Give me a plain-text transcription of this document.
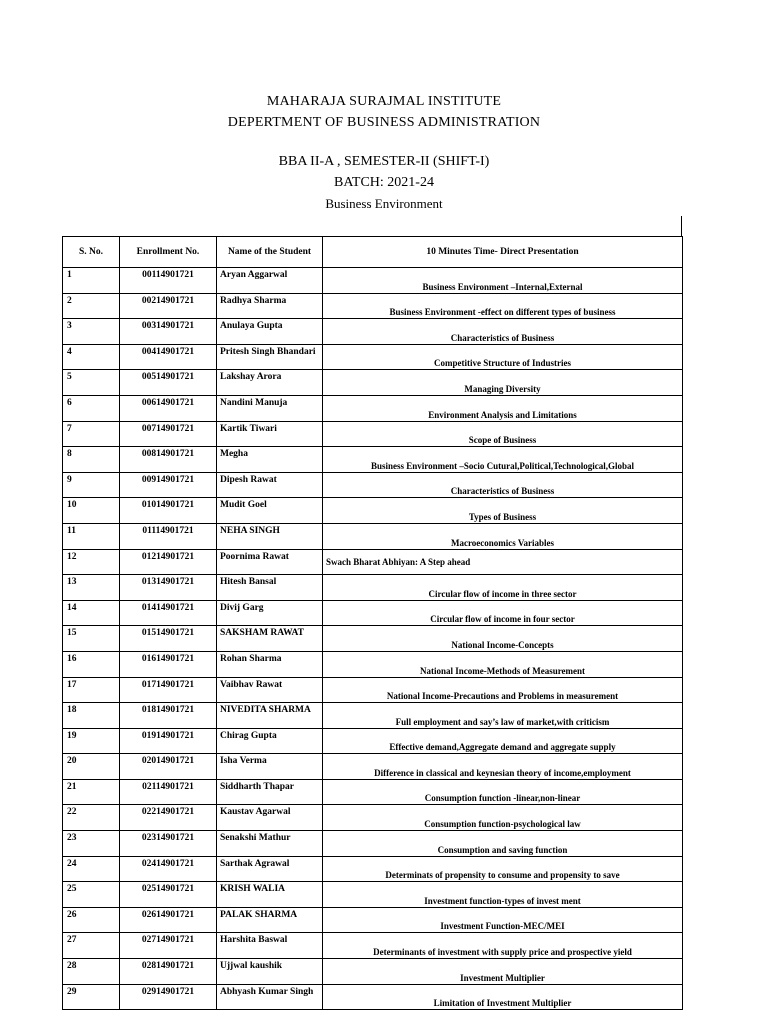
MAHARAJA SURAJMAL INSTITUTE
DEPERTMENT OF BUSINESS ADMINISTRATION
BBA II-A , SEMESTER-II (SHIFT-I)
BATCH: 2021-24
Business Environment
S. No.	Enrollment No.	Name of the Student	10 Minutes Time- Direct Presentation
1	00114901721	Aryan Aggarwal	Business Environment –Internal,External
2	00214901721	Radhya Sharma	Business Environment -effect on different types of business
3	00314901721	Anulaya Gupta	Characteristics of Business
4	00414901721	Pritesh Singh Bhandari	Competitive Structure of Industries
5	00514901721	Lakshay Arora	Managing Diversity
6	00614901721	Nandini Manuja	Environment Analysis and Limitations
7	00714901721	Kartik Tiwari	Scope of Business
8	00814901721	Megha	Business Environment –Socio Cutural,Political,Technological,Global
9	00914901721	Dipesh Rawat	Characteristics of Business
10	01014901721	Mudit Goel	Types of Business
11	01114901721	NEHA SINGH	Macroeconomics Variables
12	01214901721	Poornima Rawat	Swach Bharat Abhiyan: A Step ahead
13	01314901721	Hitesh Bansal	Circular flow of income in three sector
14	01414901721	Divij Garg	Circular flow of income in four sector
15	01514901721	SAKSHAM RAWAT	National Income-Concepts
16	01614901721	Rohan Sharma	National Income-Methods of Measurement
17	01714901721	Vaibhav Rawat	National Income-Precautions and Problems in measurement
18	01814901721	NIVEDITA SHARMA	Full employment and say’s law of market,with criticism
19	01914901721	Chirag Gupta	Effective demand,Aggregate demand and aggregate supply
20	02014901721	Isha Verma	Difference in classical and keynesian theory of income,employment
21	02114901721	Siddharth Thapar	Consumption function -linear,non-linear
22	02214901721	Kaustav Agarwal	Consumption function-psychological law
23	02314901721	Senakshi Mathur	Consumption and saving function
24	02414901721	Sarthak Agrawal	Determinats of propensity to consume and propensity to save
25	02514901721	KRISH WALIA	Investment function-types of invest ment
26	02614901721	PALAK SHARMA	Investment Function-MEC/MEI
27	02714901721	Harshita Baswal	Determinants of investment with supply price and prospective yield
28	02814901721	Ujjwal kaushik	Investment Multiplier
29	02914901721	Abhyash Kumar Singh	Limitation of Investment Multiplier
